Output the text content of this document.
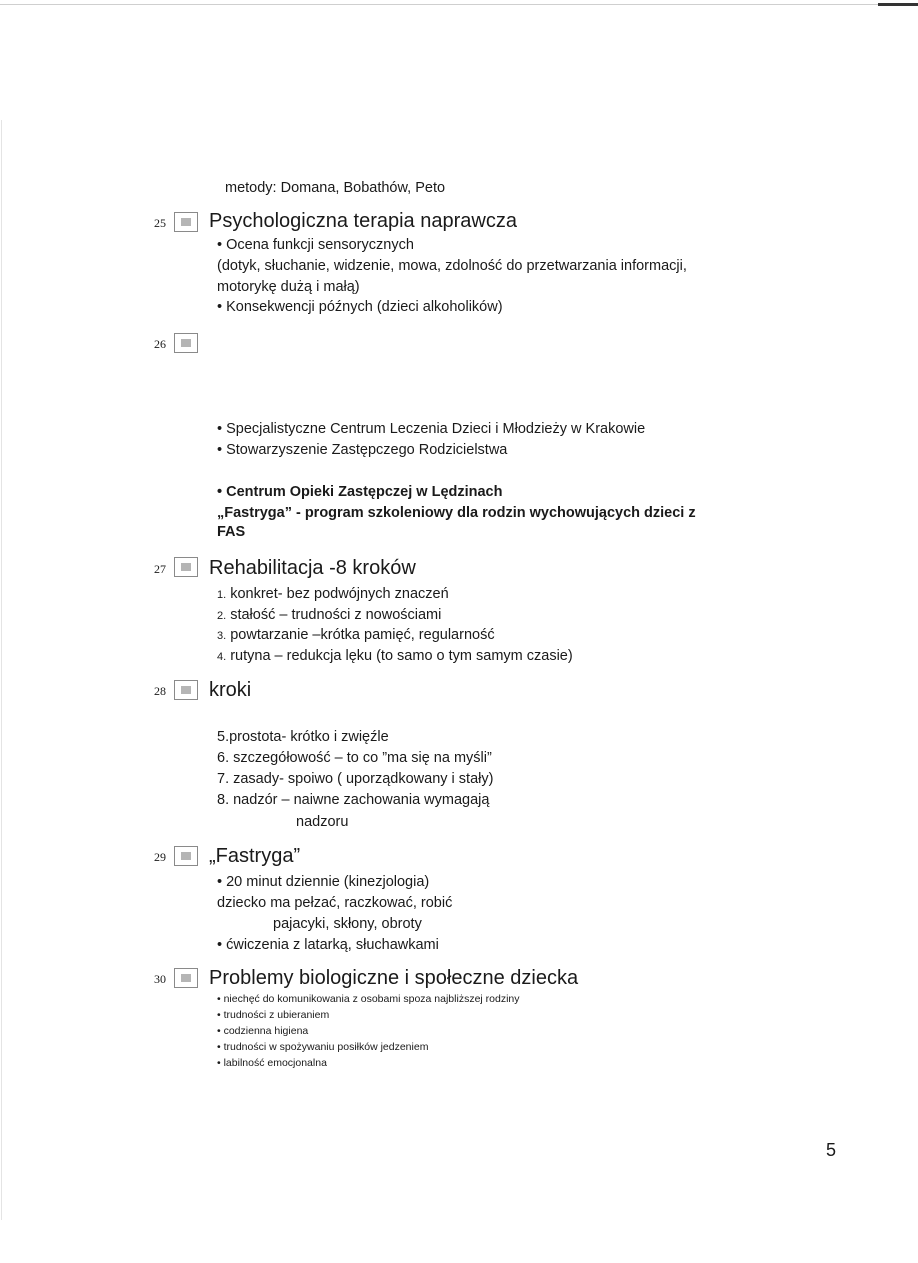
metody: Domana, Bobathów, Peto
25 Psychologiczna terapia naprawcza
• Ocena funkcji sensorycznych
(dotyk, słuchanie, widzenie, mowa, zdolność do przetwarzania informacji,
motorykę dużą i małą)
• Konsekwencji późnych (dzieci alkoholików)
26
• Specjalistyczne Centrum Leczenia Dzieci i Młodzieży w Krakowie
• Stowarzyszenie Zastępczego Rodzicielstwa
• Centrum Opieki Zastępczej w Lędzinach
„Fastryga” - program szkoleniowy dla rodzin wychowujących dzieci z
FAS
27 Rehabilitacja -8 kroków
1. konkret- bez podwójnych znaczeń
2. stałość – trudności z nowościami
3. powtarzanie –krótka pamięć, regularność
4. rutyna – redukcja lęku (to samo o tym samym czasie)
28 kroki
5.prostota- krótko i zwięźle
6. szczegółowość – to co ”ma się na myśli”
7. zasady- spoiwo ( uporządkowany i stały)
8. nadzór – naiwne zachowania wymagają
nadzoru
29 „Fastryga”
• 20 minut dziennie (kinezjologia)
dziecko ma pełzać, raczkować, robić
pajacyki, skłony, obroty
• ćwiczenia z latarką, słuchawkami
30 Problemy biologiczne i społeczne dziecka
• niechęć do komunikowania z osobami spoza najbliższej rodziny
• trudności z ubieraniem
• codzienna higiena
• trudności w spożywaniu posiłków jedzeniem
• labilność emocjonalna
5
